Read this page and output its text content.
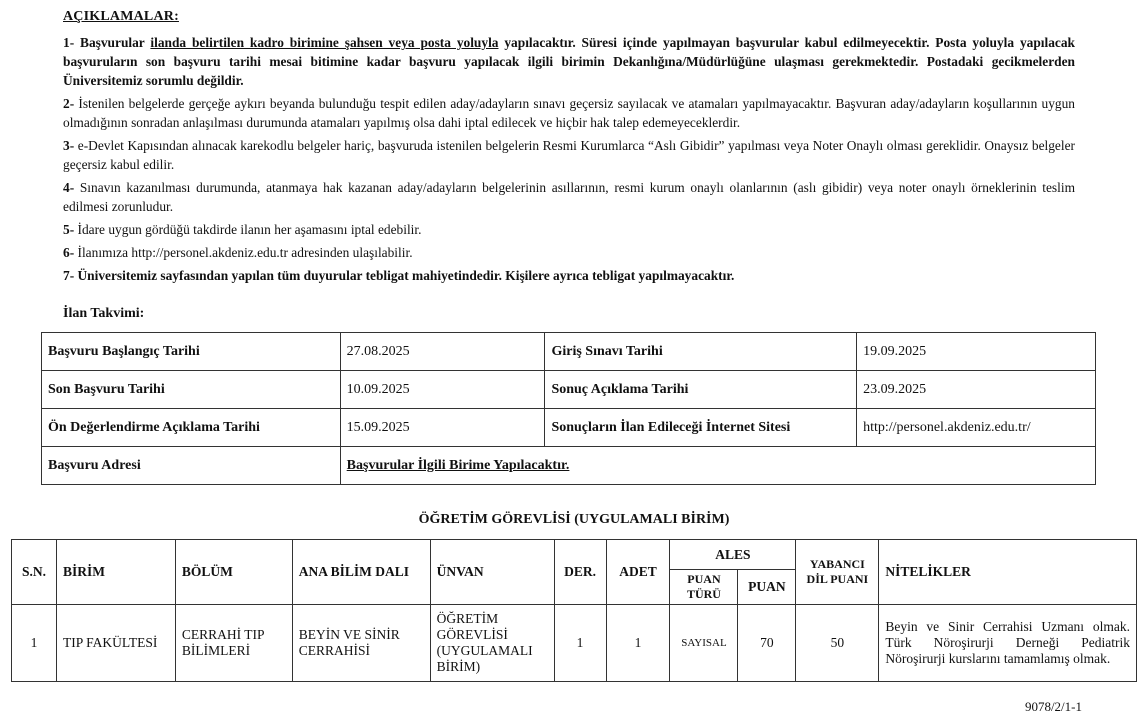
AÇIKLAMALAR:

1- Başvurular ilanda belirtilen kadro birimine şahsen veya posta yoluyla yapılacaktır. Süresi içinde yapılmayan başvurular kabul edilmeyecektir. Posta yoluyla yapılacak başvuruların son başvuru tarihi mesai bitimine kadar başvuru yapılacak ilgili birimin Dekanlığına/Müdürlüğüne ulaşması gerekmektedir. Postadaki gecikmelerden Üniversitemiz sorumlu değildir.

2- İstenilen belgelerde gerçeğe aykırı beyanda bulunduğu tespit edilen aday/adayların sınavı geçersiz sayılacak ve atamaları yapılmayacaktır. Başvuran aday/adayların koşullarının uygun olmadığının sonradan anlaşılması durumunda atamaları yapılmış olsa dahi iptal edilecek ve hiçbir hak talep edemeyeceklerdir.

3- e-Devlet Kapısından alınacak karekodlu belgeler hariç, başvuruda istenilen belgelerin Resmi Kurumlarca “Aslı Gibidir” yapılması veya Noter Onaylı olması gereklidir. Onaysız belgeler geçersiz kabul edilir.

4- Sınavın kazanılması durumunda, atanmaya hak kazanan aday/adayların belgelerinin asıllarının, resmi kurum onaylı olanlarının (aslı gibidir) veya noter onaylı örneklerinin teslim edilmesi zorunludur.

5- İdare uygun gördüğü takdirde ilanın her aşamasını iptal edebilir.

6- İlanımıza http://personel.akdeniz.edu.tr adresinden ulaşılabilir.

7- Üniversitemiz sayfasından yapılan tüm duyurular tebligat mahiyetindedir. Kişilere ayrıca tebligat yapılmayacaktır.

İlan Takvimi:
Başvuru Başlangıç Tarihi	27.08.2025	Giriş Sınavı Tarihi	19.09.2025
Son Başvuru Tarihi	10.09.2025	Sonuç Açıklama Tarihi	23.09.2025
Ön Değerlendirme Açıklama Tarihi	15.09.2025	Sonuçların İlan Edileceği İnternet Sitesi	http://personel.akdeniz.edu.tr/
Başvuru Adresi	Başvurular İlgili Birime Yapılacaktır.		
ÖĞRETİM GÖREVLİSİ (UYGULAMALI BİRİM)
S.N.	BİRİM	BÖLÜM	ANA BİLİM DALI	ÜNVAN	DER.	ADET	ALES		YABANCI DİL PUANI	NİTELİKLER
							PUAN TÜRÜ	PUAN		
1	TIP FAKÜLTESİ	CERRAHİ TIP BİLİMLERİ	BEYİN VE SİNİR CERRAHİSİ	ÖĞRETİM GÖREVLİSİ (UYGULAMALI BİRİM)	1	1	SAYISAL	70	50	Beyin ve Sinir Cerrahisi Uzmanı olmak. Türk Nöroşirurji Derneği Pediatrik Nöroşirurji kurslarını tamamlamış olmak.
9078/2/1-1
